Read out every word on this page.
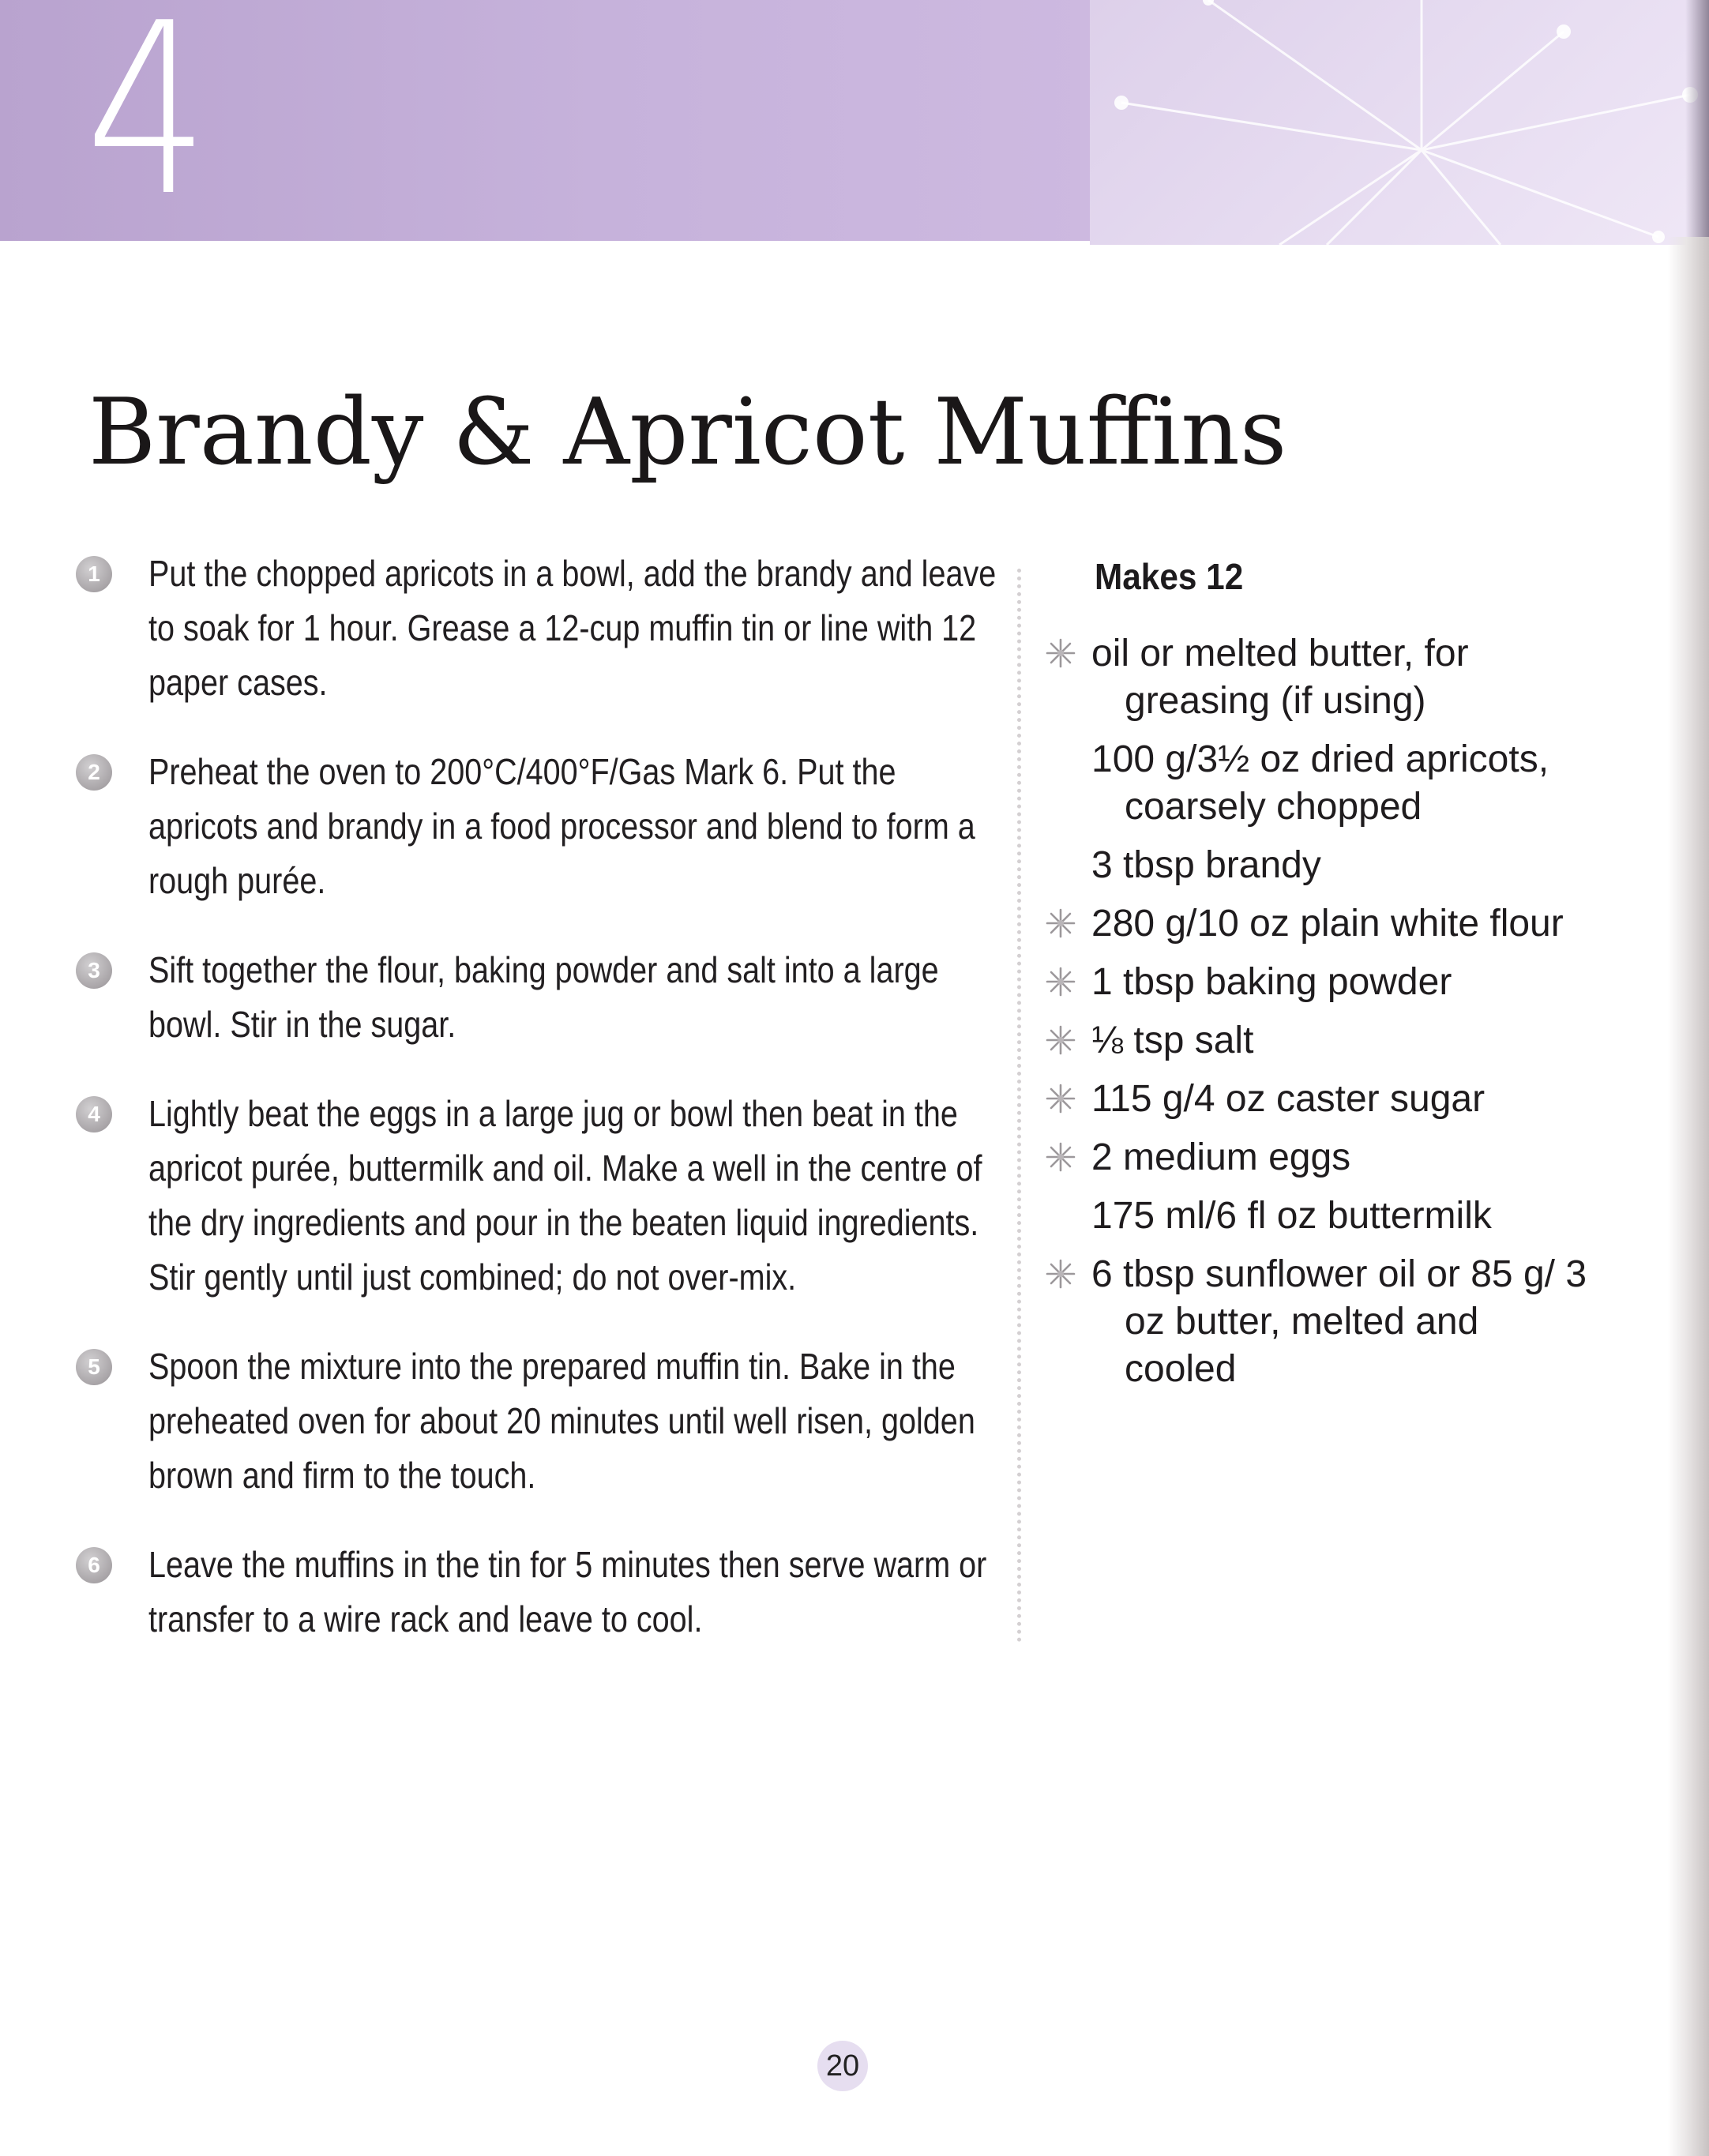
4
Brandy & Apricot Muffins
1	Put the chopped apricots in a bowl, add the brandy and leave to soak for 1 hour. Grease a 12-cup muffin tin or line with 12 paper cases.
2	Preheat the oven to 200°C/400°F/Gas Mark 6. Put the apricots and brandy in a food processor and blend to form a rough purée.
3	Sift together the flour, baking powder and salt into a large bowl. Stir in the sugar.
4	Lightly beat the eggs in a large jug or bowl then beat in the apricot purée, buttermilk and oil. Make a well in the centre of the dry ingredients and pour in the beaten liquid ingredients. Stir gently until just combined; do not over-mix.
5	Spoon the mixture into the prepared muffin tin. Bake in the preheated oven for about 20 minutes until well risen, golden brown and firm to the touch.
6	Leave the muffins in the tin for 5 minutes then serve warm or transfer to a wire rack and leave to cool.
Makes 12
oil or melted butter, for greasing (if using)
100 g/3½ oz dried apricots, coarsely chopped
3 tbsp brandy
280 g/10 oz plain white flour
1 tbsp baking powder
⅛ tsp salt
115 g/4 oz caster sugar
2 medium eggs
175 ml/6 fl oz buttermilk
6 tbsp sunflower oil or 85 g/ 3 oz butter, melted and cooled
20
